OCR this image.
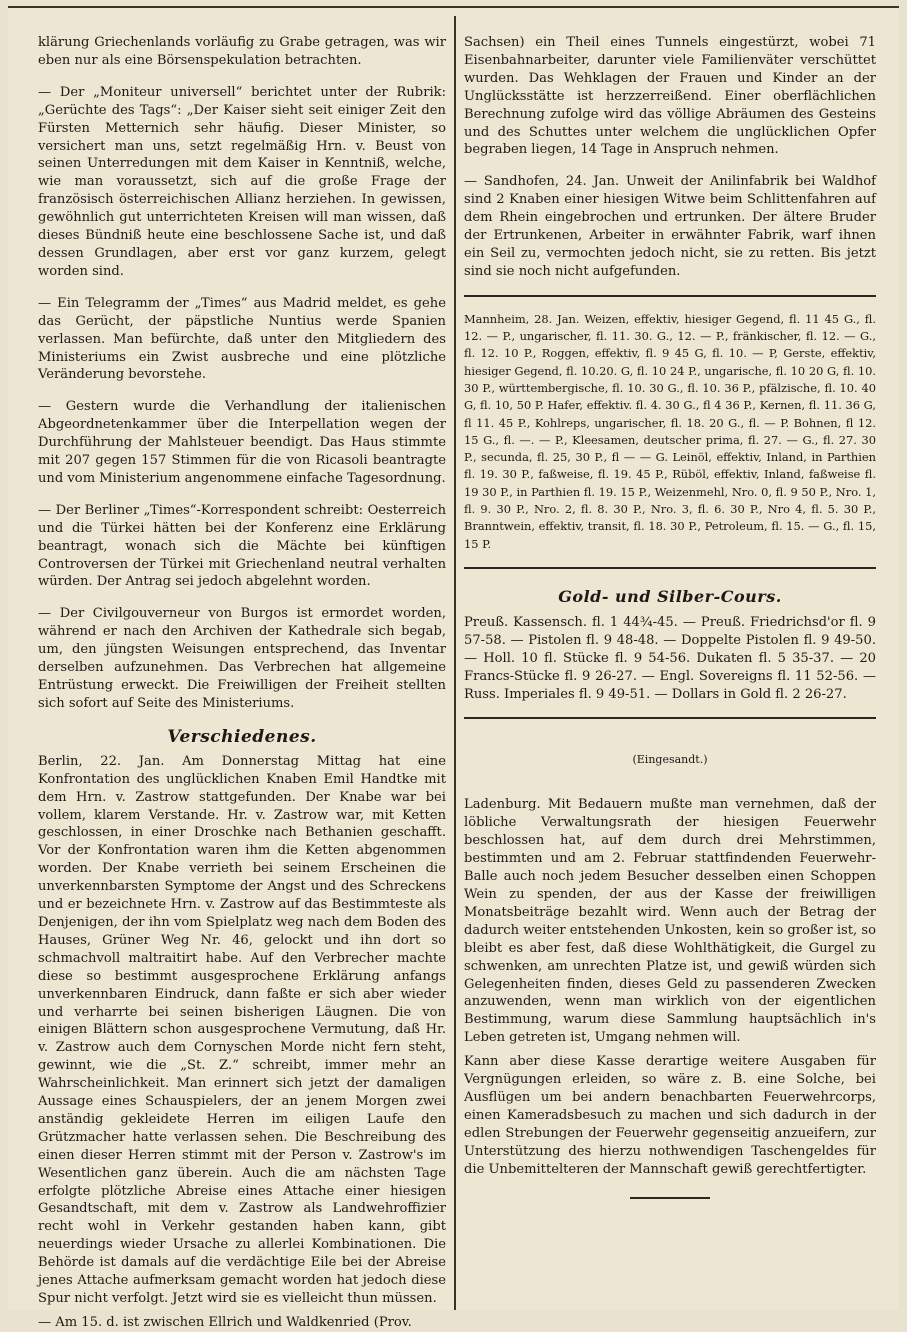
klärung Griechenlands vorläufig zu Grabe getragen, was wir eben nur als eine Börsenspekulation betrachten.

— Der „Moniteur universell“ berichtet unter der Rubrik: „Gerüchte des Tags“: „Der Kaiser sieht seit einiger Zeit den Fürsten Metternich sehr häufig. Dieser Minister, so versichert man uns, setzt regelmäßig Hrn. v. Beust von seinen Unterredungen mit dem Kaiser in Kenntniß, welche, wie man voraussetzt, sich auf die große Frage der französisch österreichischen Allianz herziehen. In gewissen, gewöhnlich gut unterrichteten Kreisen will man wissen, daß dieses Bündniß heute eine beschlossene Sache ist, und daß dessen Grundlagen, aber erst vor ganz kurzem, gelegt worden sind.

— Ein Telegramm der „Times“ aus Madrid meldet, es gehe das Gerücht, der päpstliche Nuntius werde Spanien verlassen. Man befürchte, daß unter den Mitgliedern des Ministeriums ein Zwist ausbreche und eine plötzliche Veränderung bevorstehe.

— Gestern wurde die Verhandlung der italienischen Abgeordnetenkammer über die Interpellation wegen der Durchführung der Mahlsteuer beendigt. Das Haus stimmte mit 207 gegen 157 Stimmen für die von Ricasoli beantragte und vom Ministerium angenommene einfache Tagesordnung.

— Der Berliner „Times“-Korrespondent schreibt: Oesterreich und die Türkei hätten bei der Konferenz eine Erklärung beantragt, wonach sich die Mächte bei künftigen Controversen der Türkei mit Griechenland neutral verhalten würden. Der Antrag sei jedoch abgelehnt worden.

— Der Civilgouverneur von Burgos ist ermordet worden, während er nach den Archiven der Kathedrale sich begab, um, den jüngsten Weisungen entsprechend, das Inventar derselben aufzunehmen. Das Verbrechen hat allgemeine Entrüstung erweckt. Die Freiwilligen der Freiheit stellten sich sofort auf Seite des Ministeriums.

Verschiedenes.

Berlin, 22. Jan. Am Donnerstag Mittag hat eine Konfrontation des unglücklichen Knaben Emil Handtke mit dem Hrn. v. Zastrow stattgefunden. Der Knabe war bei vollem, klarem Verstande. Hr. v. Zastrow war, mit Ketten geschlossen, in einer Droschke nach Bethanien geschafft. Vor der Konfrontation waren ihm die Ketten abgenommen worden. Der Knabe verrieth bei seinem Erscheinen die unverkennbarsten Symptome der Angst und des Schreckens und er bezeichnete Hrn. v. Zastrow auf das Bestimmteste als Denjenigen, der ihn vom Spielplatz weg nach dem Boden des Hauses, Grüner Weg Nr. 46, gelockt und ihn dort so schmachvoll maltraitirt habe. Auf den Verbrecher machte diese so bestimmt ausgesprochene Erklärung anfangs unverkennbaren Eindruck, dann faßte er sich aber wieder und verharrte bei seinen bisherigen Läugnen. Die von einigen Blättern schon ausgesprochene Vermutung, daß Hr. v. Zastrow auch dem Cornyschen Morde nicht fern steht, gewinnt, wie die „St. Z.“ schreibt, immer mehr an Wahrscheinlichkeit. Man erinnert sich jetzt der damaligen Aussage eines Schauspielers, der an jenem Morgen zwei anständig gekleidete Herren im eiligen Laufe den Grützmacher hatte verlassen sehen. Die Beschreibung des einen dieser Herren stimmt mit der Person v. Zastrow's im Wesentlichen ganz überein. Auch die am nächsten Tage erfolgte plötzliche Abreise eines Attache einer hiesigen Gesandtschaft, mit dem v. Zastrow als Landwehroffizier recht wohl in Verkehr gestanden haben kann, gibt neuerdings wieder Ursache zu allerlei Kombinationen. Die Behörde ist damals auf die verdächtige Eile bei der Abreise jenes Attache aufmerksam gemacht worden hat jedoch diese Spur nicht verfolgt. Jetzt wird sie es vielleicht thun müssen.

— Am 15. d. ist zwischen Ellrich und Waldkenried (Prov.

Sachsen) ein Theil eines Tunnels eingestürzt, wobei 71 Eisenbahnarbeiter, darunter viele Familienväter verschüttet wurden. Das Wehklagen der Frauen und Kinder an der Unglücksstätte ist herzzerreißend. Einer oberflächlichen Berechnung zufolge wird das völlige Abräumen des Gesteins und des Schuttes unter welchem die unglücklichen Opfer begraben liegen, 14 Tage in Anspruch nehmen.

— Sandhofen, 24. Jan. Unweit der Anilinfabrik bei Waldhof sind 2 Knaben einer hiesigen Witwe beim Schlittenfahren auf dem Rhein eingebrochen und ertrunken. Der ältere Bruder der Ertrunkenen, Arbeiter in erwähnter Fabrik, warf ihnen ein Seil zu, vermochten jedoch nicht, sie zu retten. Bis jetzt sind sie noch nicht aufgefunden.

Mannheim, 28. Jan. Weizen, effektiv, hiesiger Gegend, fl. 11 45 G., fl. 12. — P., ungarischer, fl. 11. 30. G., 12. — P., fränkischer, fl. 12. — G., fl. 12. 10 P., Roggen, effektiv, fl. 9 45 G, fl. 10. — P, Gerste, effektiv, hiesiger Gegend, fl. 10.20. G, fl. 10 24 P., ungarische, fl. 10 20 G, fl. 10. 30 P., württembergische, fl. 10. 30 G., fl. 10. 36 P., pfälzische, fl. 10. 40 G, fl. 10, 50 P. Hafer, effektiv. fl. 4. 30 G., fl 4 36 P., Kernen, fl. 11. 36 G, fl 11. 45 P., Kohlreps, ungarischer, fl. 18. 20 G., fl. — P. Bohnen, fl 12. 15 G., fl. —. — P., Kleesamen, deutscher prima, fl. 27. — G., fl. 27. 30 P., secunda, fl. 25, 30 P., fl — — G. Leinöl, effektiv, Inland, in Parthien fl. 19. 30 P., faßweise, fl. 19. 45 P., Rüböl, effektiv, Inland, faßweise fl. 19 30 P., in Parthien fl. 19. 15 P., Weizenmehl, Nro. 0, fl. 9 50 P., Nro. 1, fl. 9. 30 P., Nro. 2, fl. 8. 30 P., Nro. 3, fl. 6. 30 P., Nro 4, fl. 5. 30 P., Branntwein, effektiv, transit, fl. 18. 30 P., Petroleum, fl. 15. — G., fl. 15, 15 P.

Gold- und Silber-Cours.

Preuß. Kassensch. fl. 1 44¾-45. — Preuß. Friedrichsd'or fl. 9 57-58. — Pistolen fl. 9 48-48. — Doppelte Pistolen fl. 9 49-50. — Holl. 10 fl. Stücke fl. 9 54-56. Dukaten fl. 5 35-37. — 20 Francs-Stücke fl. 9 26-27. — Engl. Sovereigns fl. 11 52-56. — Russ. Imperiales fl. 9 49-51. — Dollars in Gold fl. 2 26-27.

(Eingesandt.)

Ladenburg. Mit Bedauern mußte man vernehmen, daß der löbliche Verwaltungsrath der hiesigen Feuerwehr beschlossen hat, auf dem durch drei Mehrstimmen, bestimmten und am 2. Februar stattfindenden Feuerwehr-Balle auch noch jedem Besucher desselben einen Schoppen Wein zu spenden, der aus der Kasse der freiwilligen Monatsbeiträge bezahlt wird. Wenn auch der Betrag der dadurch weiter entstehenden Unkosten, kein so großer ist, so bleibt es aber fest, daß diese Wohlthätigkeit, die Gurgel zu schwenken, am unrechten Platze ist, und gewiß würden sich Gelegenheiten finden, dieses Geld zu passenderen Zwecken anzuwenden, wenn man wirklich von der eigentlichen Bestimmung, warum diese Sammlung hauptsächlich in's Leben getreten ist, Umgang nehmen will.

Kann aber diese Kasse derartige weitere Ausgaben für Vergnügungen erleiden, so wäre z. B. eine Solche, bei Ausflügen um bei andern benachbarten Feuerwehrcorps, einen Kameradsbesuch zu machen und sich dadurch in der edlen Strebungen der Feuerwehr gegenseitig anzueifern, zur Unterstützung des hierzu nothwendigen Taschengeldes für die Unbemittelteren der Mannschaft gewiß gerechtfertigter.
